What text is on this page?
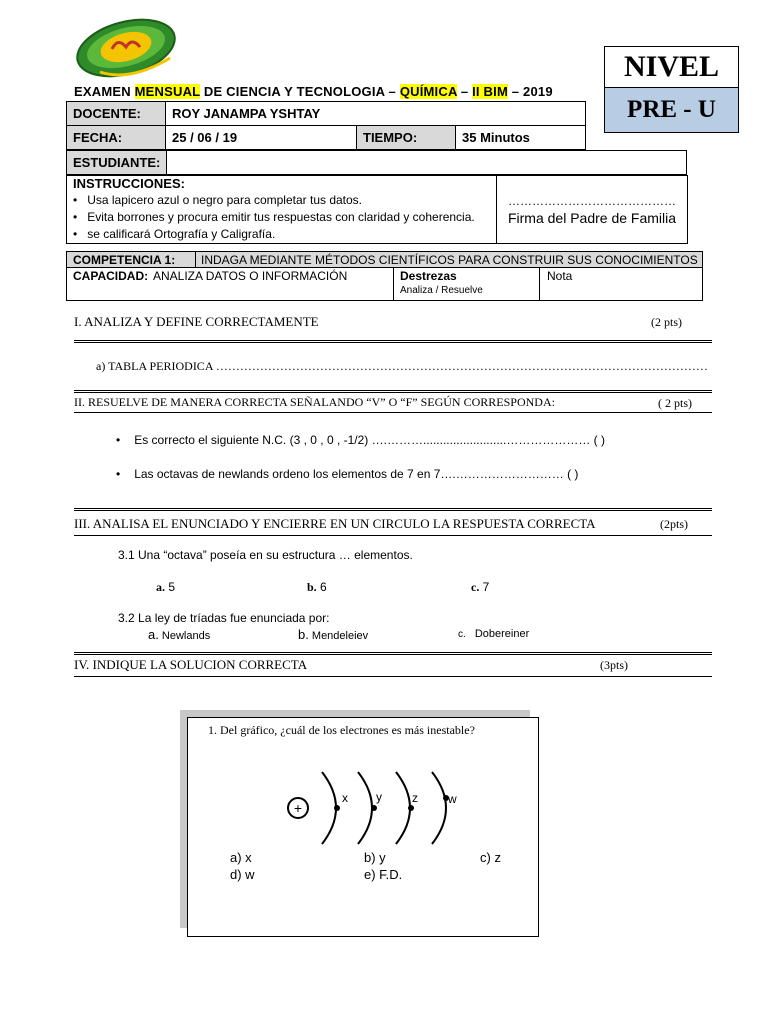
EXAMEN MENSUAL DE CIENCIA Y TECNOLOGIA – QUÍMICA – II BIM – 2019
NIVEL
PRE - U
DOCENTE:	ROY JANAMPA YSHTAY		
FECHA:	25 / 06 / 19	TIEMPO:	35 Minutos
ESTUDIANTE:	
INSTRUCCIONES:
• Usa lapicero azul o negro para completar tus datos.
• Evita borrones y procura emitir tus respuestas con claridad y coherencia.
• se calificará Ortografía y Caligrafía.
……………………………………
Firma del Padre de Familia
COMPETENCIA 1: INDAGA MEDIANTE MÉTODOS CIENTÍFICOS PARA CONSTRUIR SUS CONOCIMIENTOS
CAPACIDAD: ANALIZA DATOS O INFORMACIÓN	Destrezas
Analiza / Resuelve
Nota
I. ANALIZA Y DEFINE CORRECTAMENTE	(2 pts)
a) TABLA PERIODICA ……………………………………………………………………………………………………………
II. RESUELVE DE MANERA CORRECTA SEÑALANDO “V” O “F” SEGÚN CORRESPONDA:	( 2 pts)
• Es correcto el siguiente N.C. (3 , 0 , 0 , -1/2) ….……….........................………………… ( )
• Las octavas de newlands ordeno los elementos de 7 en 7….……………………… ( )
III. ANALISA EL ENUNCIADO Y ENCIERRE EN UN CIRCULO LA RESPUESTA CORRECTA	(2pts)
3.1 Una “octava” poseía en su estructura … elementos.
a. 5	b. 6	c. 7
3.2 La ley de tríadas fue enunciada por:
a. Newlands	b. Mendeleiev	c. Dobereiner
IV. INDIQUE LA SOLUCION CORRECTA	(3pts)
1. Del gráfico, ¿cuál de los electrones es más inestable?
+
x y	z	w
a) x	b) y	c) z
d) w	e) F.D.
